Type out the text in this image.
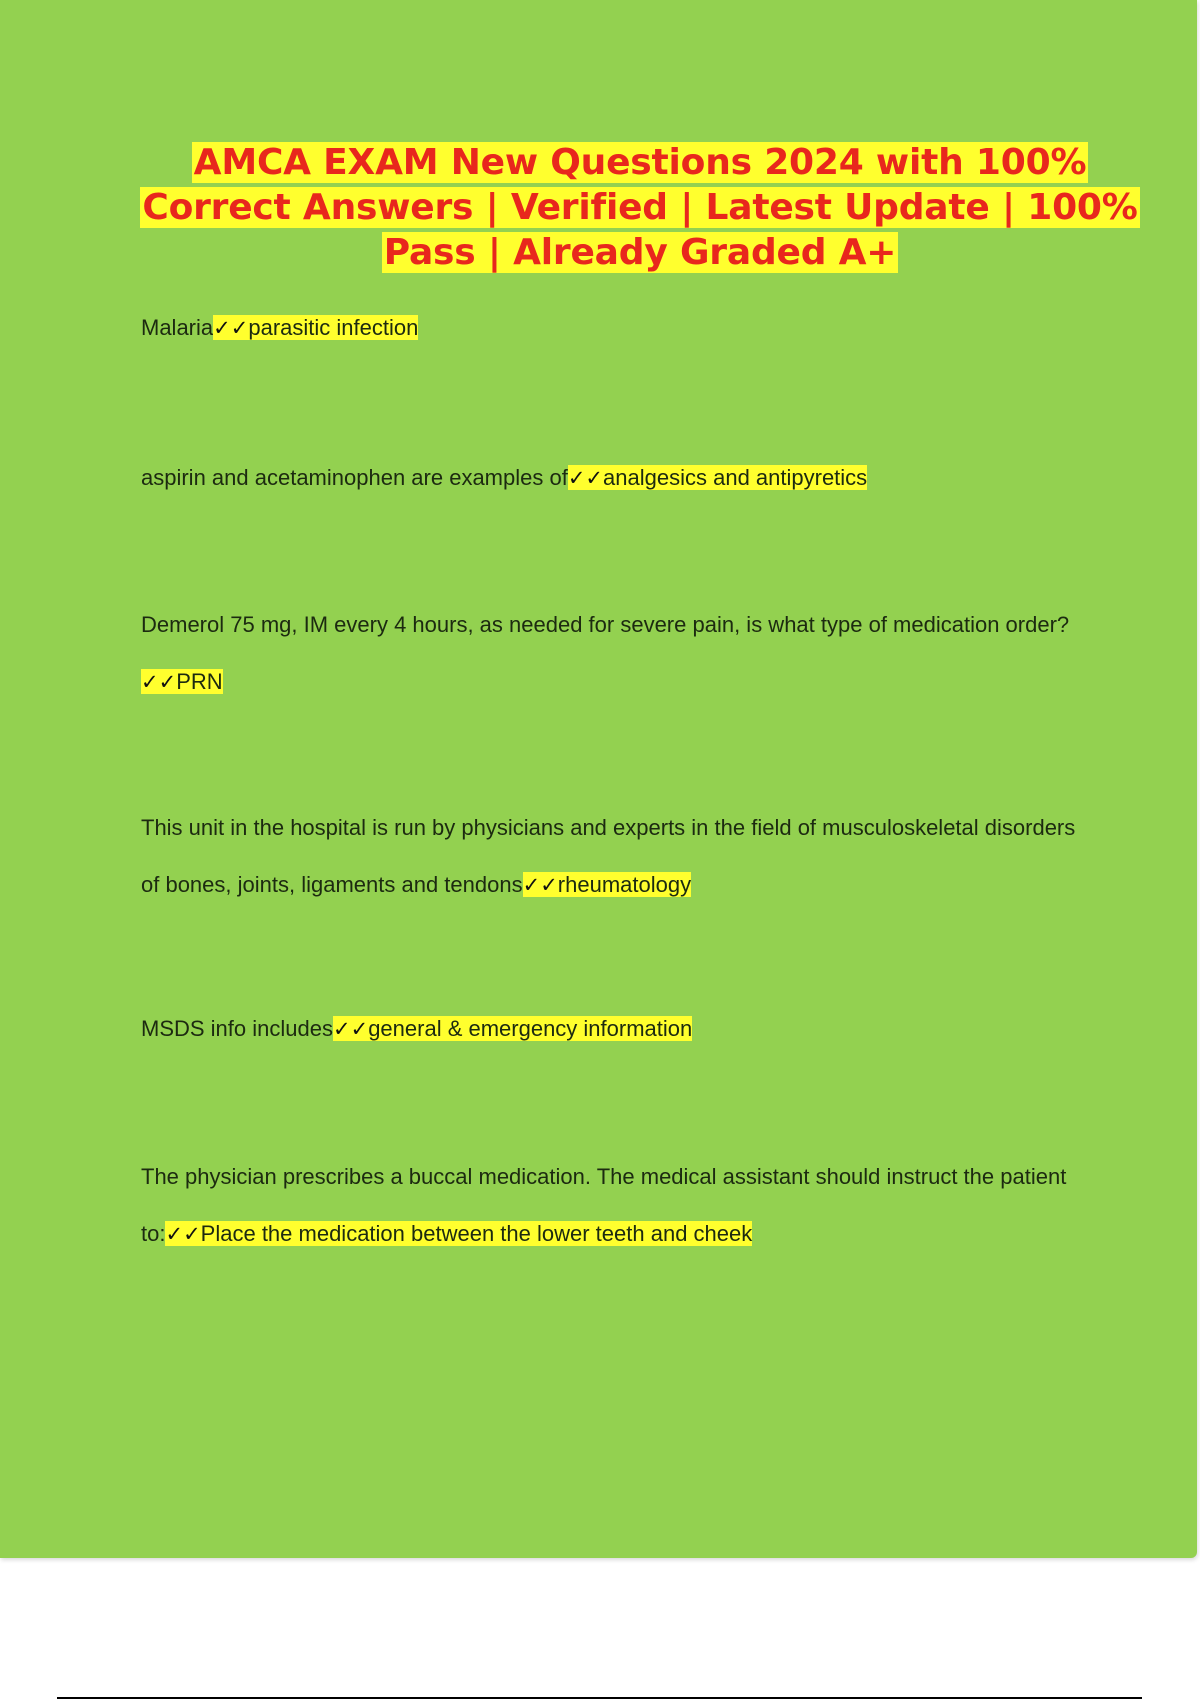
AMCA EXAM New Questions 2024 with 100% Correct Answers | Verified | Latest Update | 100% Pass | Already Graded A+
Malaria✓✓parasitic infection
aspirin and acetaminophen are examples of✓✓analgesics and antipyretics
Demerol 75 mg, IM every 4 hours, as needed for severe pain, is what type of medication order?
✓✓PRN
This unit in the hospital is run by physicians and experts in the field of musculoskeletal disorders
of bones, joints, ligaments and tendons✓✓rheumatology
MSDS info includes✓✓general & emergency information
The physician prescribes a buccal medication. The medical assistant should instruct the patient
to:✓✓Place the medication between the lower teeth and cheek
